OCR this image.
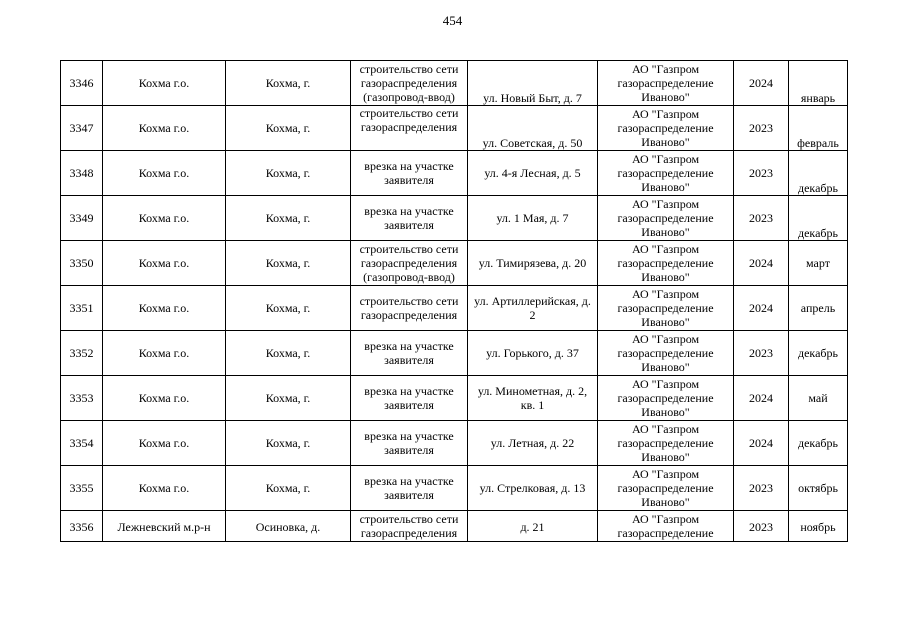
454
3346	Кохма г.о.	Кохма, г.	строительство сети газораспределения (газопровод-ввод)	ул. Новый Быт, д. 7	АО "Газпром газораспределение Иваново"	2024	январь
3347	Кохма г.о.	Кохма, г.	строительство сети газораспределения	ул. Советская, д. 50	АО "Газпром газораспределение Иваново"	2023	февраль
3348	Кохма г.о.	Кохма, г.	врезка на участке заявителя	ул. 4-я Лесная, д. 5	АО "Газпром газораспределение Иваново"	2023	декабрь
3349	Кохма г.о.	Кохма, г.	врезка на участке заявителя	ул. 1 Мая, д. 7	АО "Газпром газораспределение Иваново"	2023	декабрь
3350	Кохма г.о.	Кохма, г.	строительство сети газораспределения (газопровод-ввод)	ул. Тимирязева, д. 20	АО "Газпром газораспределение Иваново"	2024	март
3351	Кохма г.о.	Кохма, г.	строительство сети газораспределения	ул. Артиллерийская, д. 2	АО "Газпром газораспределение Иваново"	2024	апрель
3352	Кохма г.о.	Кохма, г.	врезка на участке заявителя	ул. Горького, д. 37	АО "Газпром газораспределение Иваново"	2023	декабрь
3353	Кохма г.о.	Кохма, г.	врезка на участке заявителя	ул. Минометная, д. 2, кв. 1	АО "Газпром газораспределение Иваново"	2024	май
3354	Кохма г.о.	Кохма, г.	врезка на участке заявителя	ул. Летная, д. 22	АО "Газпром газораспределение Иваново"	2024	декабрь
3355	Кохма г.о.	Кохма, г.	врезка на участке заявителя	ул. Стрелковая, д. 13	АО "Газпром газораспределение Иваново"	2023	октябрь
3356	Лежневский м.р-н	Осиновка, д.	строительство сети газораспределения	д. 21	АО "Газпром газораспределение	2023	ноябрь
